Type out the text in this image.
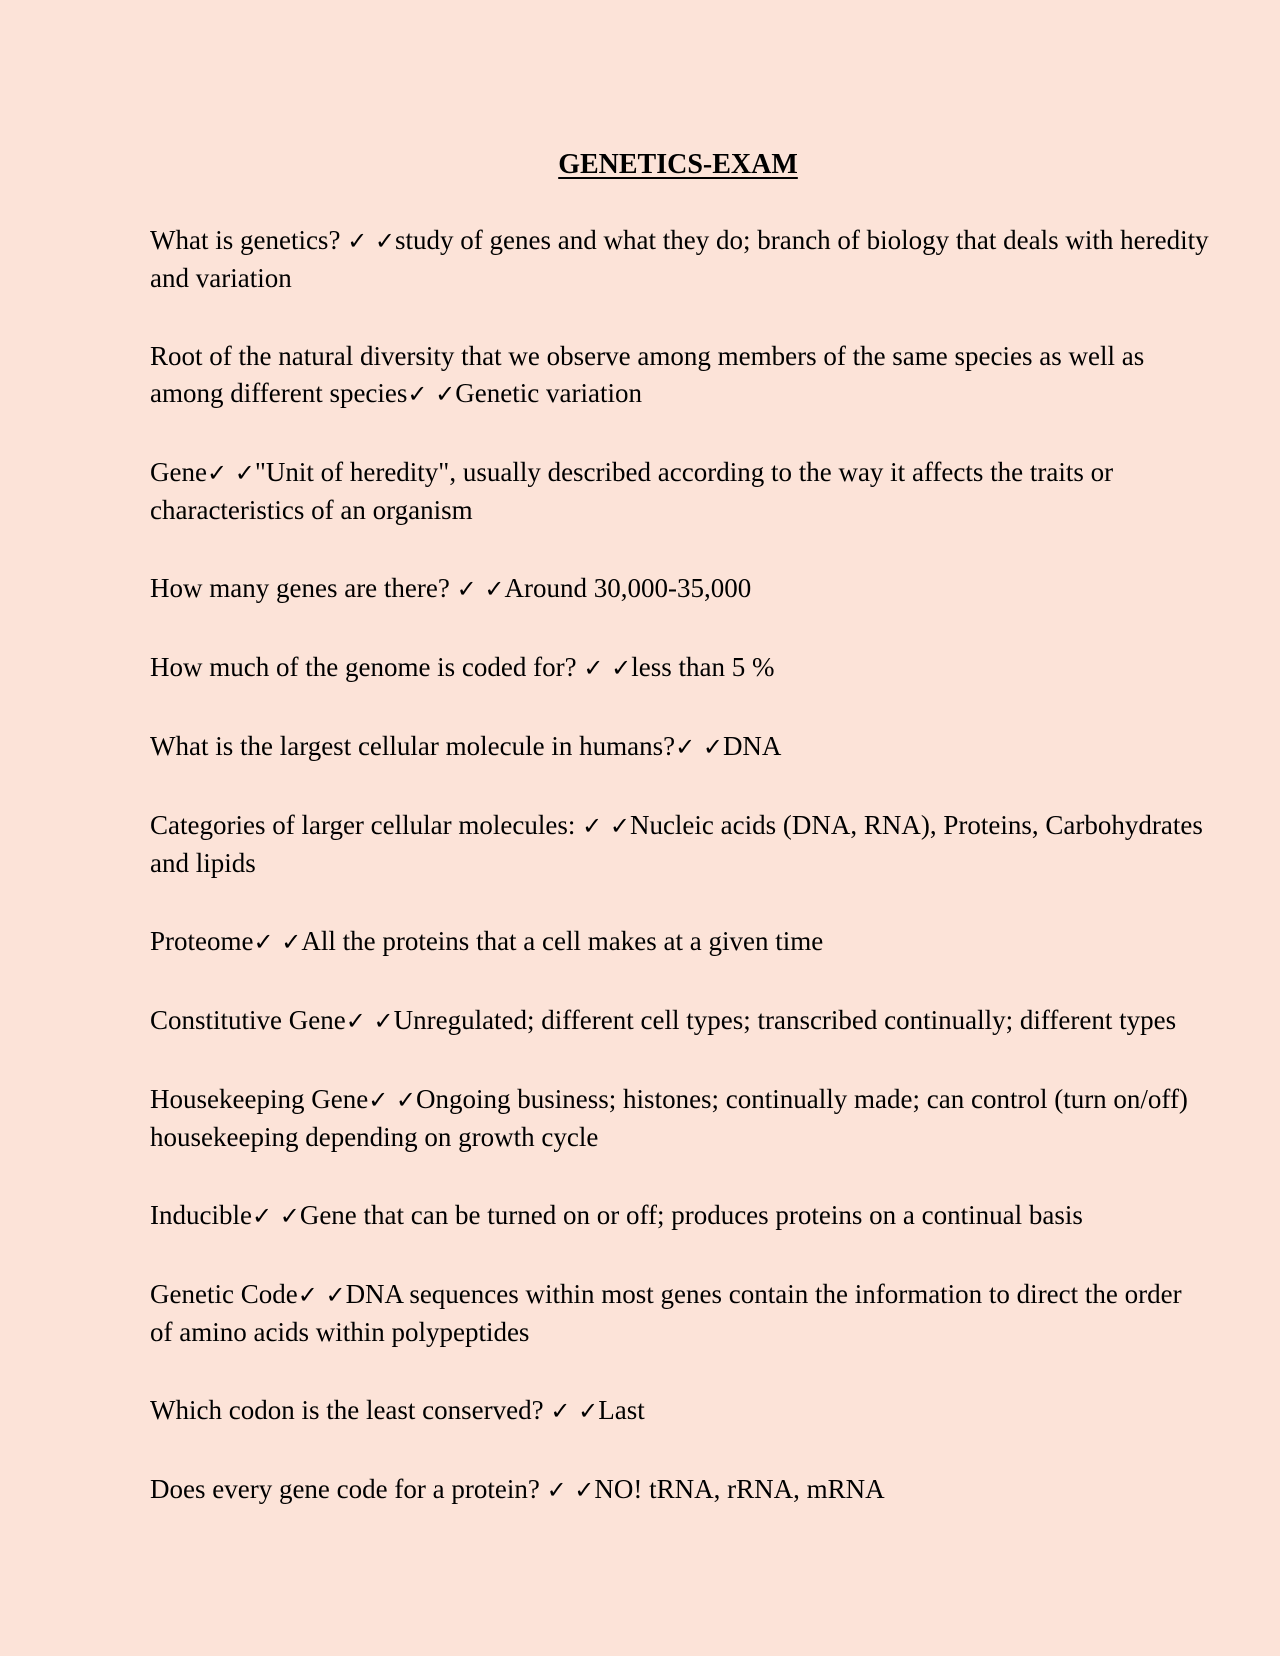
GENETICS-EXAM

What is genetics? ✓ ✓study of genes and what they do; branch of biology that deals with heredity and variation

Root of the natural diversity that we observe among members of the same species as well as among different species✓ ✓Genetic variation

Gene✓ ✓"Unit of heredity", usually described according to the way it affects the traits or characteristics of an organism

How many genes are there? ✓ ✓Around 30,000-35,000

How much of the genome is coded for? ✓ ✓less than 5 %

What is the largest cellular molecule in humans?✓ ✓DNA

Categories of larger cellular molecules: ✓ ✓Nucleic acids (DNA, RNA), Proteins, Carbohydrates and lipids

Proteome✓ ✓All the proteins that a cell makes at a given time

Constitutive Gene✓ ✓Unregulated; different cell types; transcribed continually; different types

Housekeeping Gene✓ ✓Ongoing business; histones; continually made; can control (turn on/off) housekeeping depending on growth cycle

Inducible✓ ✓Gene that can be turned on or off; produces proteins on a continual basis

Genetic Code✓ ✓DNA sequences within most genes contain the information to direct the order of amino acids within polypeptides

Which codon is the least conserved? ✓ ✓Last

Does every gene code for a protein? ✓ ✓NO! tRNA, rRNA, mRNA
